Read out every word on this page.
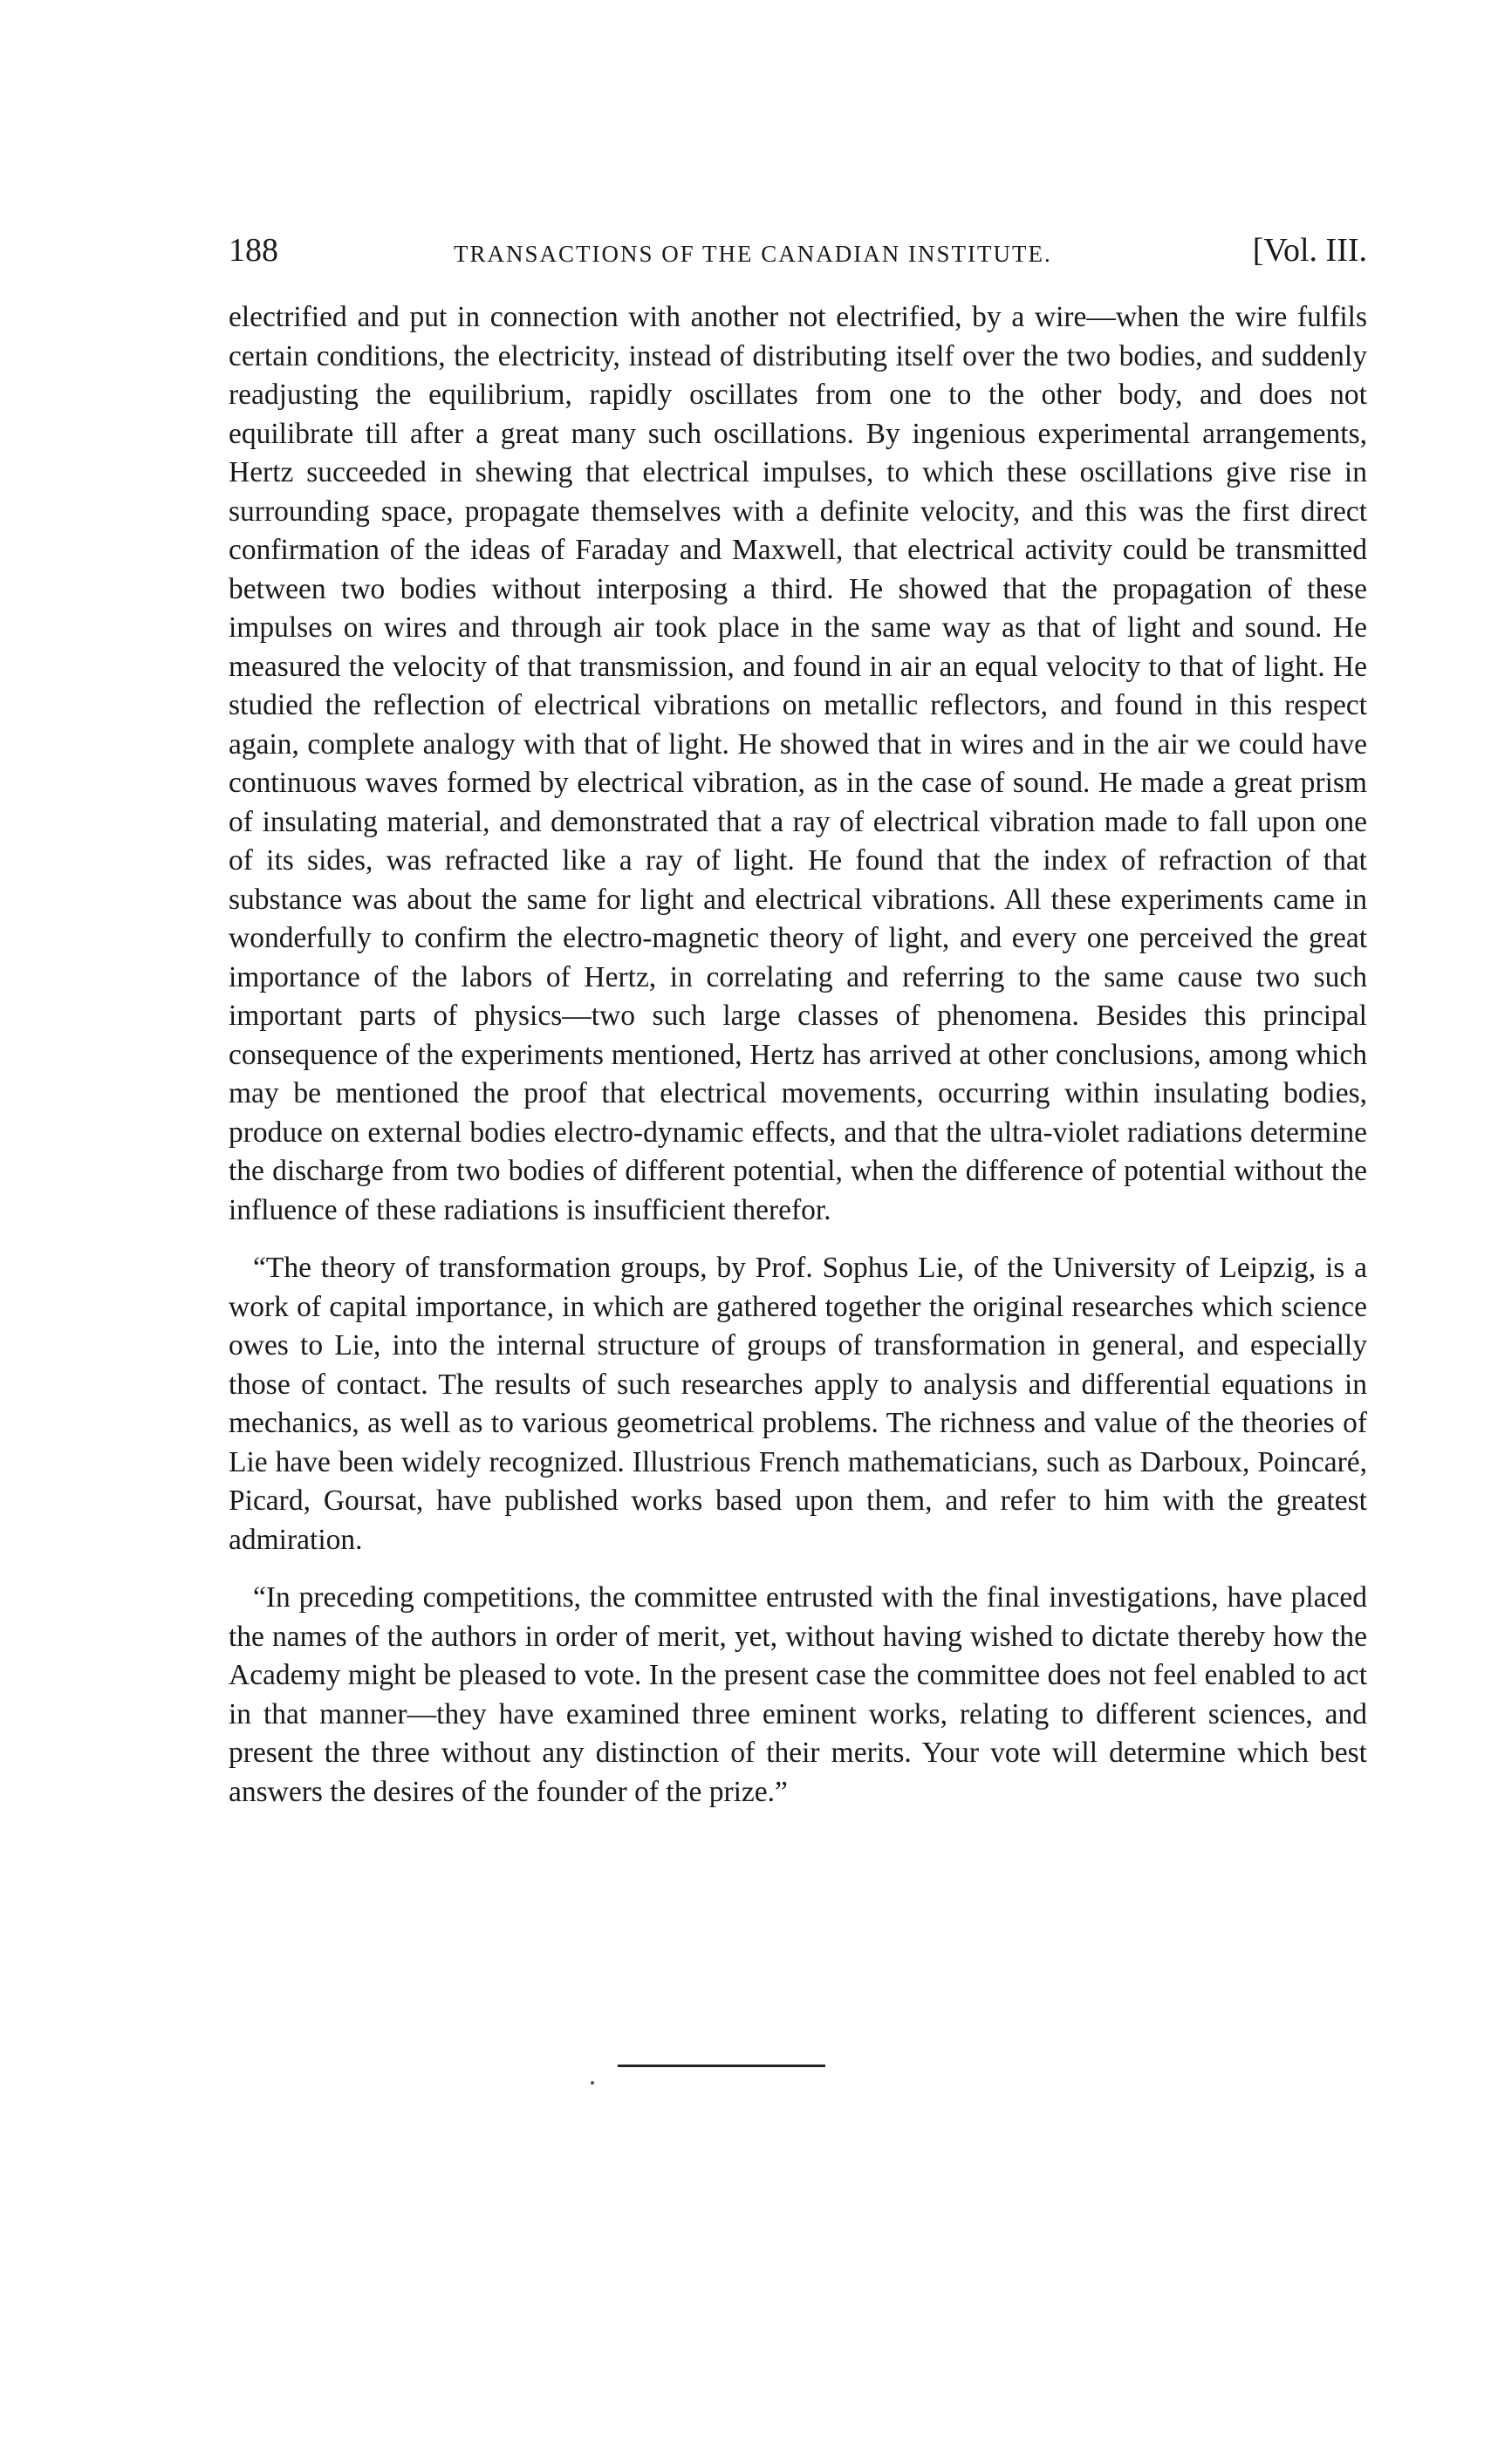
188	TRANSACTIONS OF THE CANADIAN INSTITUTE.	[Vol. III.

electrified and put in connection with another not electrified, by a wire—when the wire fulfils certain conditions, the electricity, instead of distributing itself over the two bodies, and suddenly readjusting the equilibrium, rapidly oscillates from one to the other body, and does not equilibrate till after a great many such oscillations. By ingenious experimental arrangements, Hertz succeeded in shewing that electrical impulses, to which these oscillations give rise in surrounding space, propagate themselves with a definite velocity, and this was the first direct confirmation of the ideas of Faraday and Maxwell, that electrical activity could be transmitted between two bodies without interposing a third. He showed that the propagation of these impulses on wires and through air took place in the same way as that of light and sound. He measured the velocity of that transmission, and found in air an equal velocity to that of light. He studied the reflection of electrical vibrations on metallic reflectors, and found in this respect again, complete analogy with that of light. He showed that in wires and in the air we could have continuous waves formed by electrical vibration, as in the case of sound. He made a great prism of insulating material, and demonstrated that a ray of electrical vibration made to fall upon one of its sides, was refracted like a ray of light. He found that the index of refraction of that substance was about the same for light and electrical vibrations. All these experiments came in wonderfully to confirm the electro-magnetic theory of light, and every one perceived the great importance of the labors of Hertz, in correlating and referring to the same cause two such important parts of physics—two such large classes of phenomena. Besides this principal consequence of the experiments mentioned, Hertz has arrived at other conclusions, among which may be mentioned the proof that electrical movements, occurring within insulating bodies, produce on external bodies electro-dynamic effects, and that the ultra-violet radiations determine the discharge from two bodies of different potential, when the difference of potential without the influence of these radiations is insufficient therefor.

“The theory of transformation groups, by Prof. Sophus Lie, of the University of Leipzig, is a work of capital importance, in which are gathered together the original researches which science owes to Lie, into the internal structure of groups of transformation in general, and especially those of contact. The results of such researches apply to analysis and differential equations in mechanics, as well as to various geometrical problems. The richness and value of the theories of Lie have been widely recognized. Illustrious French mathematicians, such as Darboux, Poincaré, Picard, Goursat, have published works based upon them, and refer to him with the greatest admiration.

“In preceding competitions, the committee entrusted with the final investigations, have placed the names of the authors in order of merit, yet, without having wished to dictate thereby how the Academy might be pleased to vote. In the present case the committee does not feel enabled to act in that manner—they have examined three eminent works, relating to different sciences, and present the three without any distinction of their merits. Your vote will determine which best answers the desires of the founder of the prize.”
